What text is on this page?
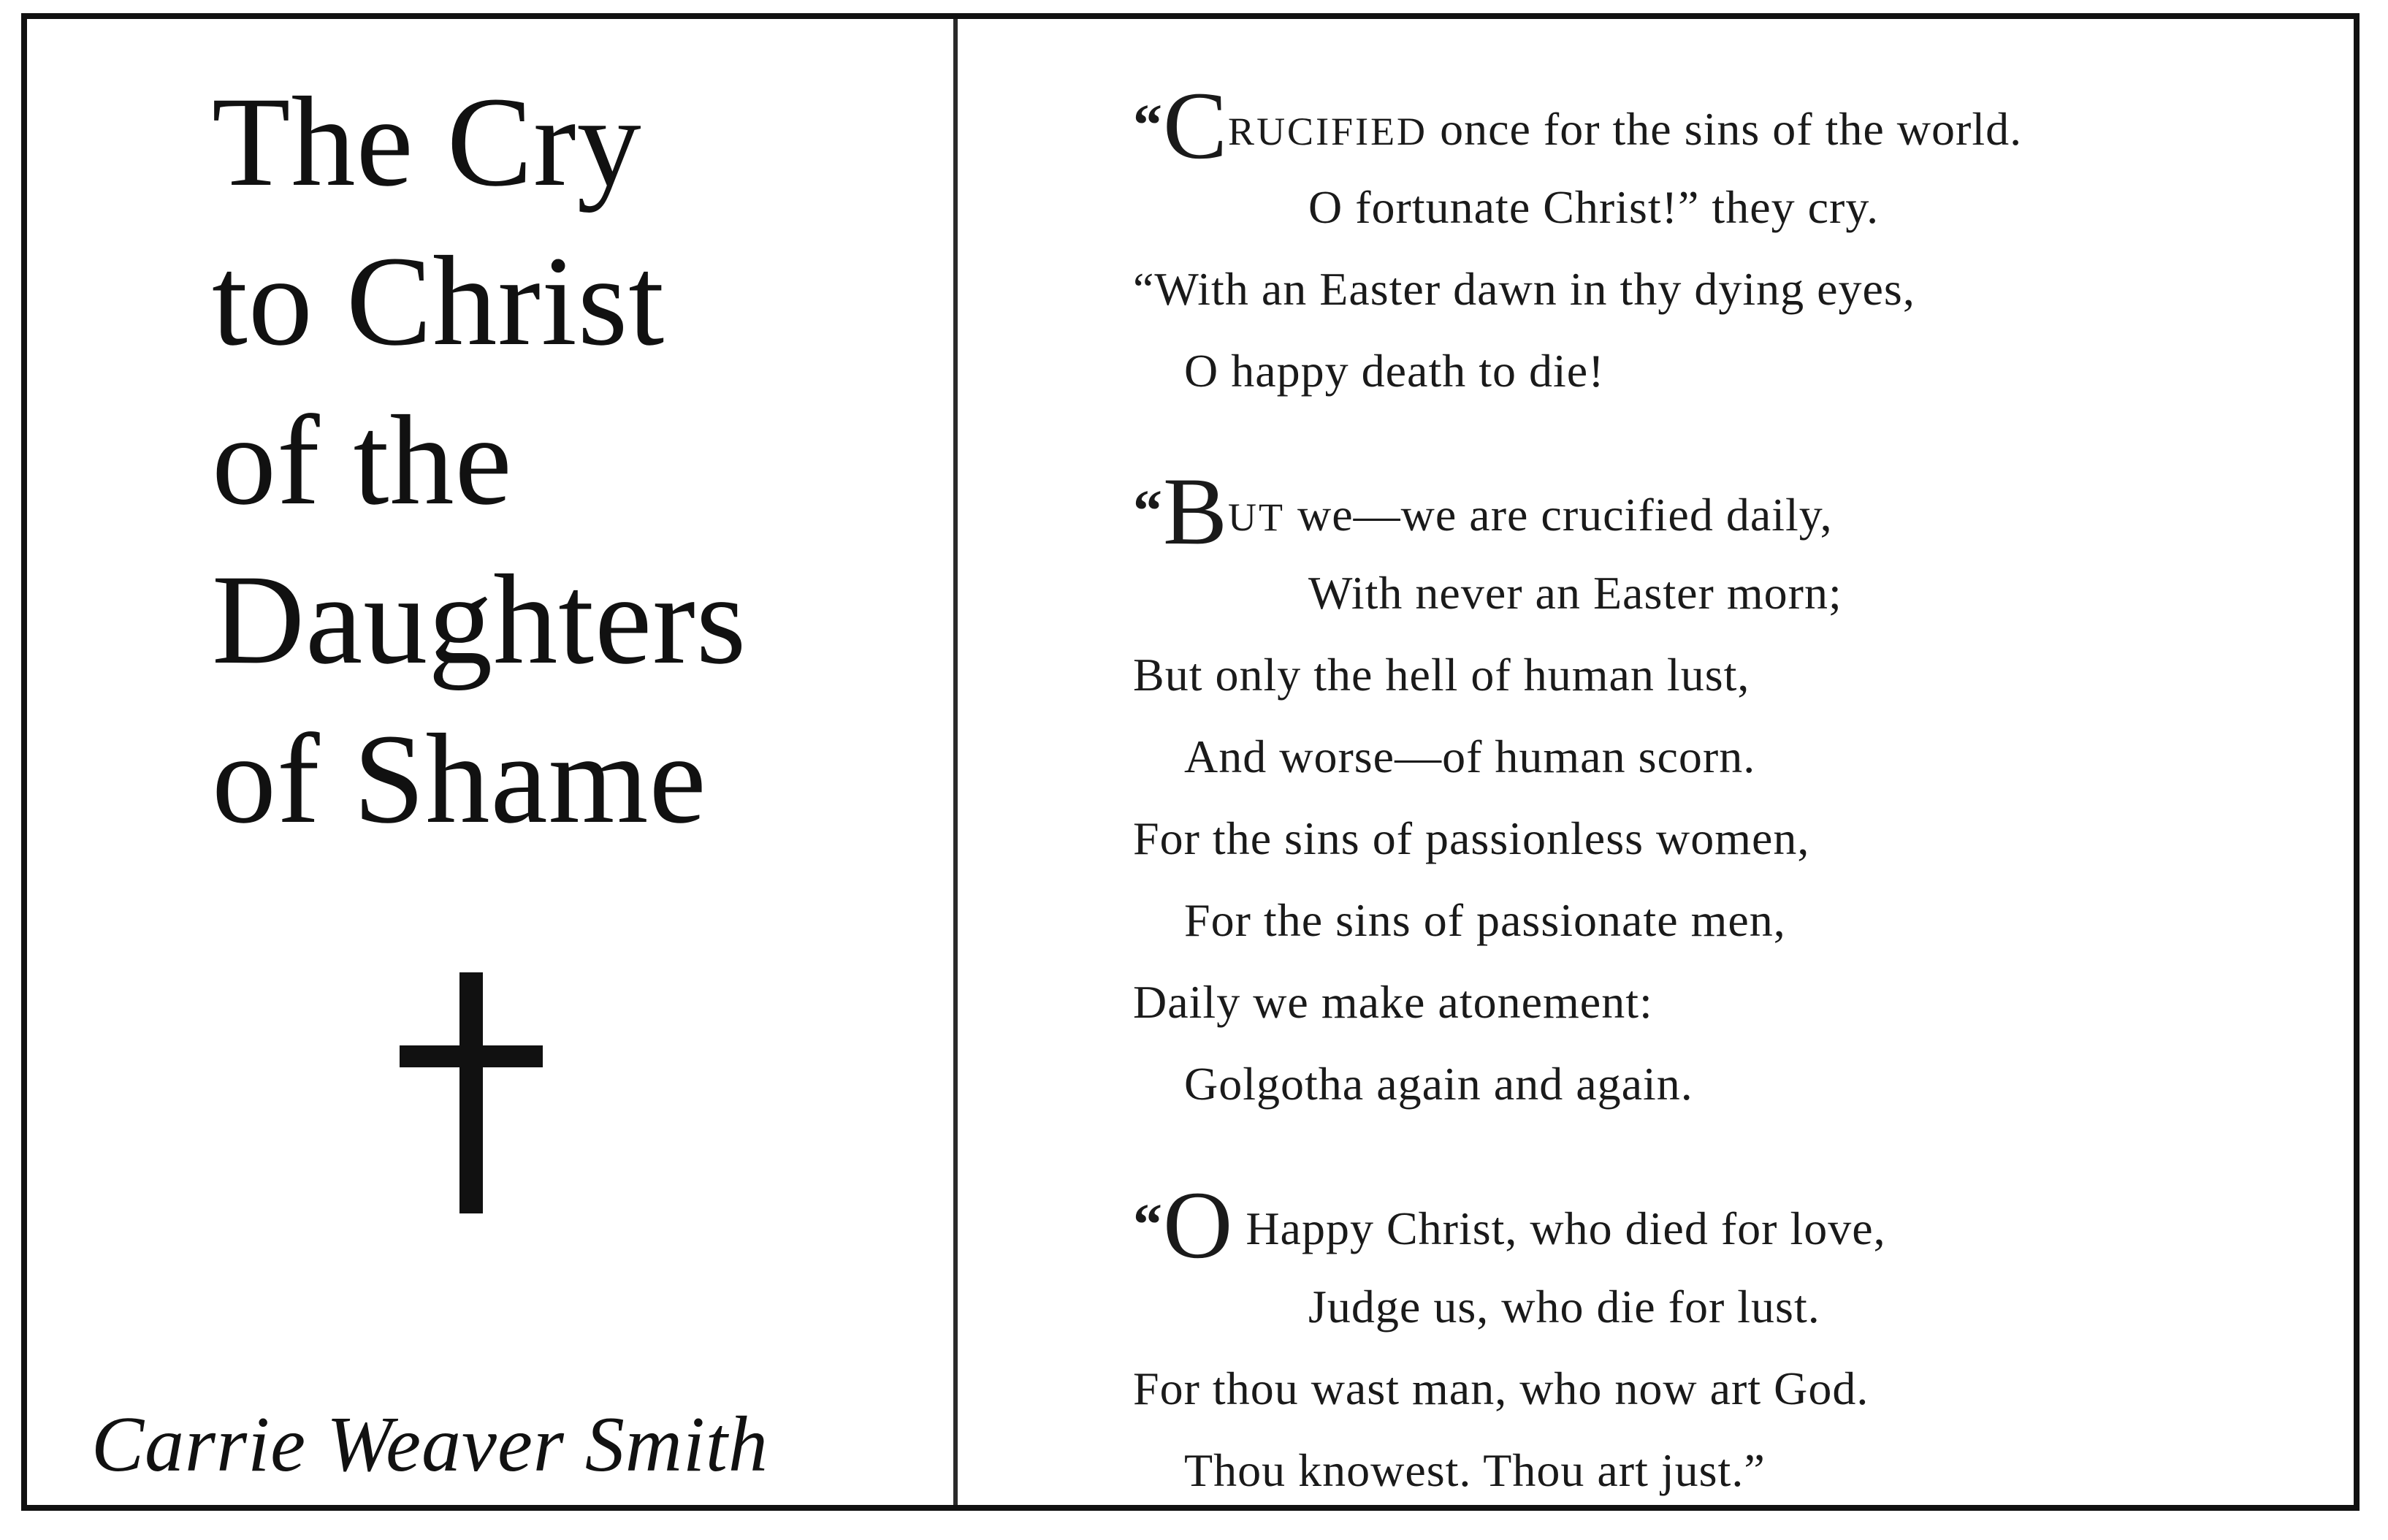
The Cry
to Christ
of the
Daughters
of Shame
Carrie Weaver Smith
“CRUCIFIED once for the sins of the world.
O fortunate Christ!” they cry.
“With an Easter dawn in thy dying eyes,
O happy death to die!
“BUT we—we are crucified daily,
With never an Easter morn;
But only the hell of human lust,
And worse—of human scorn.
For the sins of passionless women,
For the sins of passionate men,
Daily we make atonement:
Golgotha again and again.
“O Happy Christ, who died for love,
Judge us, who die for lust.
For thou wast man, who now art God.
Thou knowest. Thou art just.”
